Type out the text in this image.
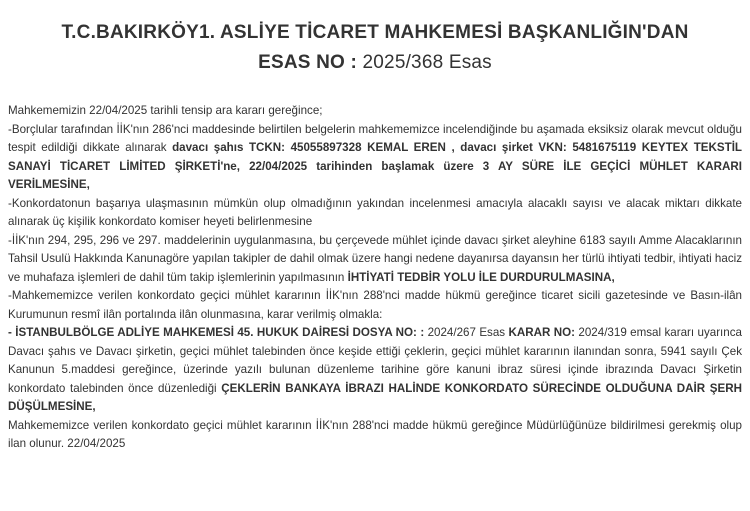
T.C.BAKIRKÖY1. ASLİYE TİCARET MAHKEMESİ BAŞKANLIĞIN'DAN
ESAS NO : 2025/368 Esas

Mahkememizin 22/04/2025 tarihli tensip ara kararı gereğince;

-Borçlular tarafından İİK'nın 286'nci maddesinde belirtilen belgelerin mahkememizce incelendiğinde bu aşamada eksiksiz olarak mevcut olduğu tespit edildiği dikkate alınarak davacı şahıs TCKN: 45055897328 KEMAL EREN , davacı şirket VKN: 5481675119 KEYTEX TEKSTİL SANAYİ TİCARET LİMİTED ŞİRKETİ'ne, 22/04/2025 tarihinden başlamak üzere 3 AY SÜRE İLE GEÇİCİ MÜHLET KARARI VERİLMESİNE,

-Konkordatonun başarıya ulaşmasının mümkün olup olmadığının yakından incelenmesi amacıyla alacaklı sayısı ve alacak miktarı dikkate alınarak üç kişilik konkordato komiser heyeti belirlenmesine

-İİK'nın 294, 295, 296 ve 297. maddelerinin uygulanmasına, bu çerçevede mühlet içinde davacı şirket aleyhine 6183 sayılı Amme Alacaklarının Tahsil Usulü Hakkında Kanunagöre yapılan takipler de dahil olmak üzere hangi nedene dayanırsa dayansın her türlü ihtiyati tedbir, ihtiyati haciz ve muhafaza işlemleri de dahil tüm takip işlemlerinin yapılmasının İHTİYATİ TEDBİR YOLU İLE DURDURULMASINA,

-Mahkememizce verilen konkordato geçici mühlet kararının İİK'nın 288'nci madde hükmü gereğince ticaret sicili gazetesinde ve Basın-ilân Kurumunun resmî ilân portalında ilân olunmasına, karar verilmiş olmakla:

- İSTANBULBÖLGE ADLİYE MAHKEMESİ 45. HUKUK DAİRESİ DOSYA NO: : 2024/267 Esas KARAR NO: 2024/319 emsal kararı uyarınca Davacı şahıs ve Davacı şirketin, geçici mühlet talebinden önce keşide ettiği çeklerin, geçici mühlet kararının ilanından sonra, 5941 sayılı Çek Kanunun 5.maddesi gereğince, üzerinde yazılı bulunan düzenleme tarihine göre kanuni ibraz süresi içinde ibrazında Davacı Şirketin konkordato talebinden önce düzenlediği ÇEKLERİN BANKAYA İBRAZI HALİNDE KONKORDATO SÜRECİNDE OLDUĞUNA DAİR ŞERH DÜŞÜLMESİNE,

Mahkememizce verilen konkordato geçici mühlet kararının İİK'nın 288'nci madde hükmü gereğince Müdürlüğünüze bildirilmesi gerekmiş olup ilan olunur. 22/04/2025
